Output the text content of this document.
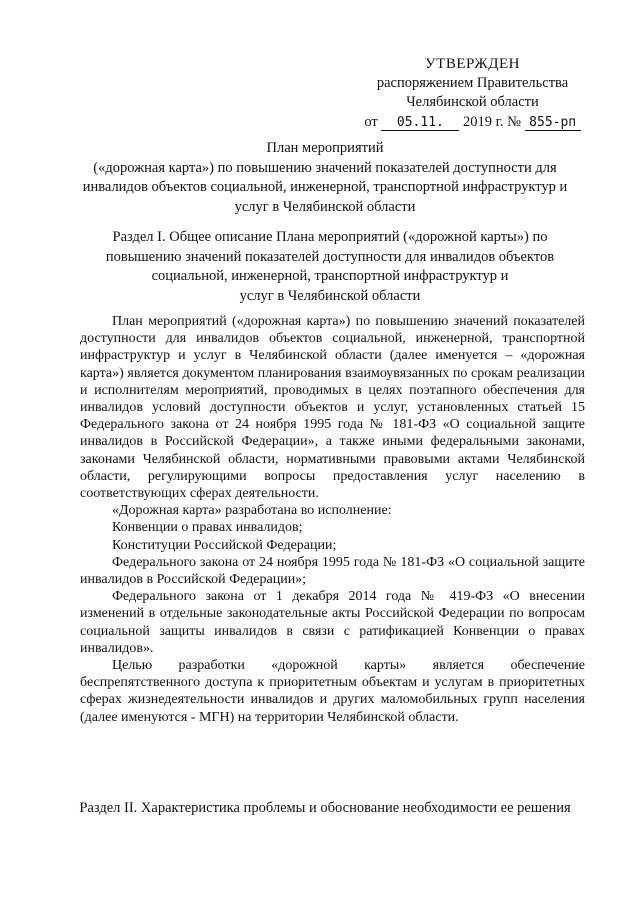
УТВЕРЖДЕН
распоряжением Правительства
Челябинской области
от 05.11. 2019 г. № 855-рп
План мероприятий
(«дорожная карта») по повышению значений показателей доступности для
инвалидов объектов социальной, инженерной, транспортной инфраструктур и
услуг в Челябинской области
Раздел I. Общее описание Плана мероприятий («дорожной карты») по
повышению значений показателей доступности для инвалидов объектов
социальной, инженерной, транспортной инфраструктур и
услуг в Челябинской области

План мероприятий («дорожная карта») по повышению значений показателей доступности для инвалидов объектов социальной, инженерной, транспортной инфраструктур и услуг в Челябинской области (далее именуется – «дорожная карта») является документом планирования взаимоувязанных по срокам реализации и исполнителям мероприятий, проводимых в целях поэтапного обеспечения для инвалидов условий доступности объектов и услуг, установленных статьей 15 Федерального закона от 24 ноября 1995 года № 181-ФЗ «О социальной защите инвалидов в Российской Федерации», а также иными федеральными законами, законами Челябинской области, нормативными правовыми актами Челябинской области, регулирующими вопросы предоставления услуг населению в соответствующих сферах деятельности.

«Дорожная карта» разработана во исполнение:

Конвенции о правах инвалидов;

Конституции Российской Федерации;

Федерального закона от 24 ноября 1995 года № 181-ФЗ «О социальной защите инвалидов в Российской Федерации»;

Федерального закона от 1 декабря 2014 года № 419-ФЗ «О внесении изменений в отдельные законодательные акты Российской Федерации по вопросам социальной защиты инвалидов в связи с ратификацией Конвенции о правах инвалидов».

Целью разработки «дорожной карты» является обеспечение беспрепятственного доступа к приоритетным объектам и услугам в приоритетных сферах жизнедеятельности инвалидов и других маломобильных групп населения (далее именуются - МГН) на территории Челябинской области.

Раздел II. Характеристика проблемы и обоснование необходимости ее решения
